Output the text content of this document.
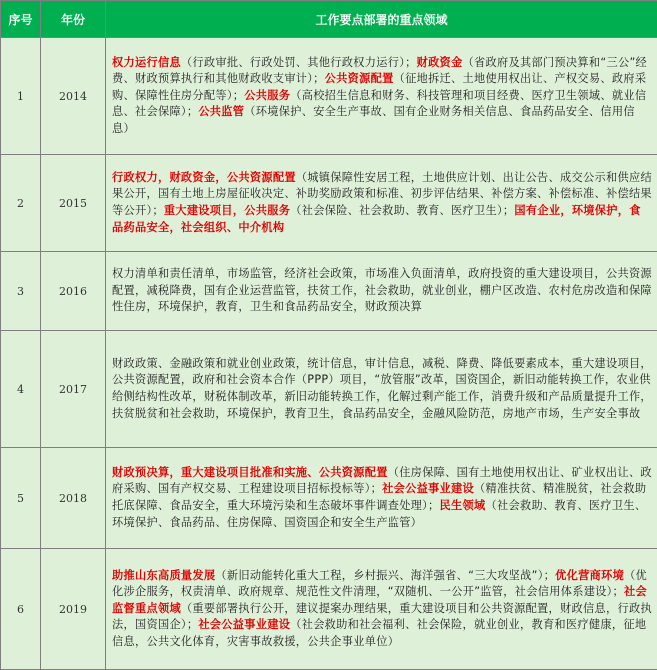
序号	年份	工作要点部署的重点领域
1	2014	权力运行信息（行政审批、行政处罚、其他行政权力运行）；财政资金（省政府及其部门预决算和“三公”经费、财政预算执行和其他财政收支审计）；公共资源配置（征地拆迁、土地使用权出让、产权交易、政府采购、保障性住房分配等）；公共服务（高校招生信息和财务、科技管理和项目经费、医疗卫生领域、就业信息、社会保障）；公共监管（环境保护、安全生产事故、国有企业财务相关信息、食品药品安全、信用信息）
2	2015	行政权力，财政资金，公共资源配置（城镇保障性安居工程，土地供应计划、出让公告、成交公示和供应结果公开，国有土地上房屋征收决定、补助奖励政策和标准、初步评估结果、补偿方案、补偿标准、补偿结果等公开）；重大建设项目，公共服务（社会保险、社会救助、教育、医疗卫生）；国有企业，环境保护，食品药品安全，社会组织、中介机构
3	2016	权力清单和责任清单，市场监管，经济社会政策，市场准入负面清单，政府投资的重大建设项目，公共资源配置，减税降费，国有企业运营监管，扶贫工作，社会救助，就业创业，棚户区改造、农村危房改造和保障性住房，环境保护，教育，卫生和食品药品安全，财政预决算
4	2017	财政政策、金融政策和就业创业政策，统计信息，审计信息，减税、降费、降低要素成本，重大建设项目，公共资源配置，政府和社会资本合作（PPP）项目，“放管服”改革，国资国企，新旧动能转换工作，农业供给侧结构性改革，财税体制改革，新旧动能转换工作，化解过剩产能工作，消费升级和产品质量提升工作，扶贫脱贫和社会救助，环境保护，教育卫生，食品药品安全，金融风险防范，房地产市场，生产安全事故
5	2018	财政预决算，重大建设项目批准和实施、公共资源配置（住房保障、国有土地使用权出让、矿业权出让、政府采购、国有产权交易、工程建设项目招标投标等）；社会公益事业建设（精准扶贫、精准脱贫，社会救助托底保障、食品安全，重大环境污染和生态破坏事件调查处理）；民生领域（社会救助、教育、医疗卫生、环境保护、食品药品、住房保障、国资国企和安全生产监管）
6	2019	助推山东高质量发展（新旧动能转化重大工程，乡村振兴、海洋强省、“三大攻坚战”）；优化营商环境（优化涉企服务，权责清单、政府规章、规范性文件清理，“双随机、一公开”监管，社会信用体系建设）；社会监督重点领域（重要部署执行公开，建议提案办理结果，重大建设项目和公共资源配置，财政信息，行政执法，国资国企）；社会公益事业建设（社会救助和社会福利、社会保险，就业创业，教育和医疗健康，征地信息，公共文化体育，灾害事故救援，公共企事业单位）
